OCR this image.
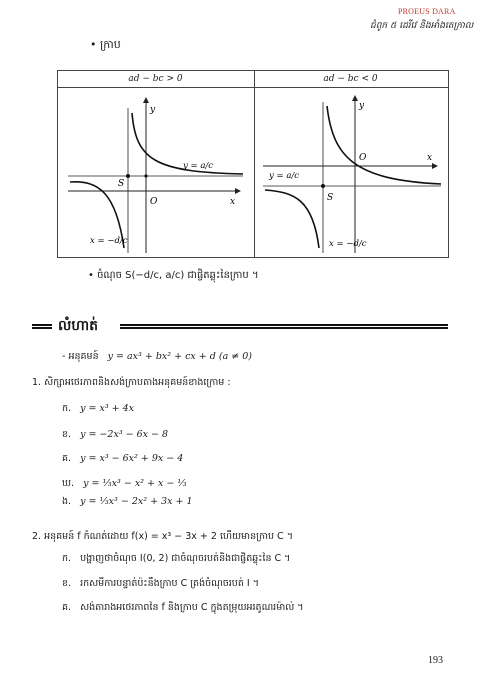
PROEUS DARA
ជំពូក ៥ ដេរីវេ និងអាំងតេក្រាល
• ក្រាប
ad − bc > 0	ad − bc < 0
y
x
O
S
y = a/c
x = −d/c
y
x
O
S
y = a/c
x = −d/c
• ចំណុច S(−d/c, a/c) ជាផ្ចិតឆ្លុះនៃក្រាប ។
លំហាត់
- អនុគមន៍ y = ax³ + bx² + cx + d (a ≠ 0)
1. សិក្សាអថេរភាពនិងសង់ក្រាបតាងអនុគមន៍ខាងក្រោម :
ក. y = x³ + 4x
ខ. y = −2x³ − 6x − 8
គ. y = x³ − 6x² + 9x − 4
ឃ. y = ⅓x³ − x² + x − ⅓
ង. y = ⅓x³ − 2x² + 3x + 1
2. អនុគមន៍ f កំណត់ដោយ f(x) = x³ − 3x + 2 ហើយមានក្រាប C ។
ក. បង្ហាញថាចំណុច I(0, 2) ជាចំណុចរបត់និងជាផ្ចិតឆ្លុះនៃ C ។
ខ. រកសមីការបន្ទាត់ប៉ះនឹងក្រាប C ត្រង់ចំណុចរបត់ I ។
គ. សង់តារាងអថេរភាពនៃ f និងក្រាប C ក្នុងតម្រុយអរតូណរម៉ាល់ ។
193
